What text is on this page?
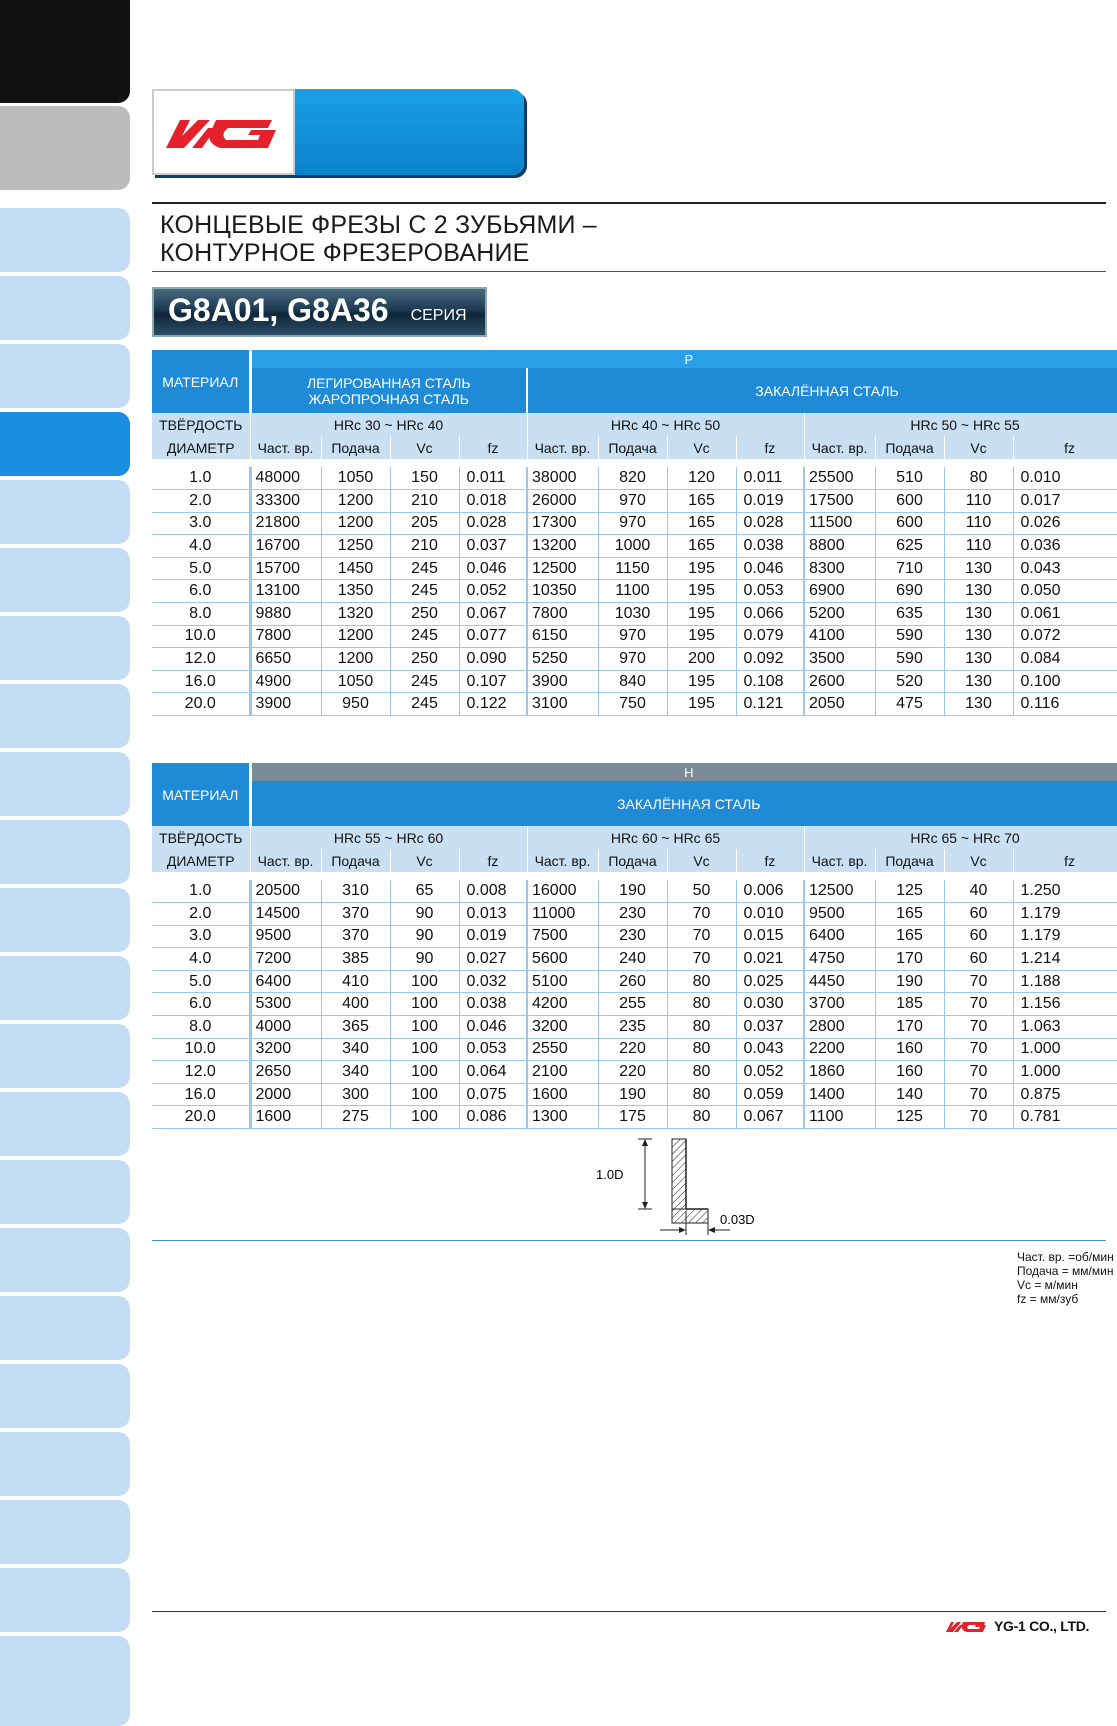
КОНЦЕВЫЕ ФРЕЗЫ С 2 ЗУБЬЯМИ –
КОНТУРНОЕ ФРЕЗЕРОВАНИЕ
G8A01, G8A36 СЕРИЯ
МАТЕРИАЛ	P											
	ЛЕГИРОВАННАЯ СТАЛЬ
ЖАРОПРОЧНАЯ СТАЛЬ				ЗАКАЛЁННАЯ СТАЛЬ							
ТВЁРДОСТЬ	HRc 30 ~ HRc 40				HRc 40 ~ HRc 50				HRc 50 ~ HRc 55			
ДИАМЕТР	Част. вр.	Подача	Vc	fz	Част. вр.	Подача	Vc	fz	Част. вр.	Подача	Vc	fz

1.0	48000	1050	150	0.011	38000	820	120	0.011	25500	510	80	0.010
2.0	33300	1200	210	0.018	26000	970	165	0.019	17500	600	110	0.017
3.0	21800	1200	205	0.028	17300	970	165	0.028	11500	600	110	0.026
4.0	16700	1250	210	0.037	13200	1000	165	0.038	8800	625	110	0.036
5.0	15700	1450	245	0.046	12500	1150	195	0.046	8300	710	130	0.043
6.0	13100	1350	245	0.052	10350	1100	195	0.053	6900	690	130	0.050
8.0	9880	1320	250	0.067	7800	1030	195	0.066	5200	635	130	0.061
10.0	7800	1200	245	0.077	6150	970	195	0.079	4100	590	130	0.072
12.0	6650	1200	250	0.090	5250	970	200	0.092	3500	590	130	0.084
16.0	4900	1050	245	0.107	3900	840	195	0.108	2600	520	130	0.100
20.0	3900	950	245	0.122	3100	750	195	0.121	2050	475	130	0.116
МАТЕРИАЛ	H											
	ЗАКАЛЁННАЯ СТАЛЬ											
ТВЁРДОСТЬ	HRc 55 ~ HRc 60				HRc 60 ~ HRc 65				HRc 65 ~ HRc 70			
ДИАМЕТР	Част. вр.	Подача	Vc	fz	Част. вр.	Подача	Vc	fz	Част. вр.	Подача	Vc	fz

1.0	20500	310	65	0.008	16000	190	50	0.006	12500	125	40	1.250
2.0	14500	370	90	0.013	11000	230	70	0.010	9500	165	60	1.179
3.0	9500	370	90	0.019	7500	230	70	0.015	6400	165	60	1.179
4.0	7200	385	90	0.027	5600	240	70	0.021	4750	170	60	1.214
5.0	6400	410	100	0.032	5100	260	80	0.025	4450	190	70	1.188
6.0	5300	400	100	0.038	4200	255	80	0.030	3700	185	70	1.156
8.0	4000	365	100	0.046	3200	235	80	0.037	2800	170	70	1.063
10.0	3200	340	100	0.053	2550	220	80	0.043	2200	160	70	1.000
12.0	2650	340	100	0.064	2100	220	80	0.052	1860	160	70	1.000
16.0	2000	300	100	0.075	1600	190	80	0.059	1400	140	70	0.875
20.0	1600	275	100	0.086	1300	175	80	0.067	1100	125	70	0.781
1.0D
0.03D
Част. вр. =об/мин
Подача = мм/мин
Vc = м/мин
fz = мм/зуб
YG-1 CO., LTD.
